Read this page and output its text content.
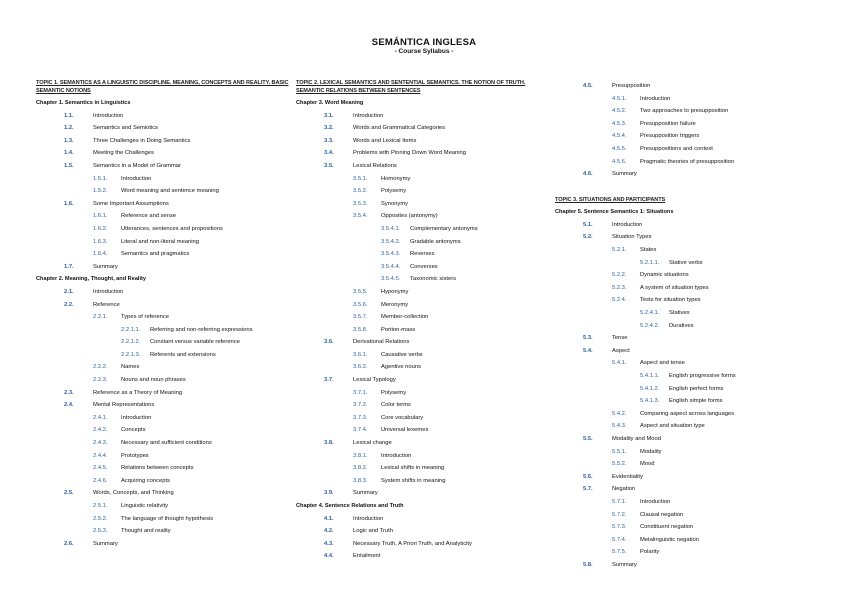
SEMÁNTICA INGLESA
- Course Syllabus -
TOPIC 1. SEMANTICS AS A LINGUISTIC DISCIPLINE. MEANING, CONCEPTS AND REALITY. BASIC SEMANTIC NOTIONS
Chapter 1. Semantics in Linguistics
1.1.	Introduction
1.2.	Semantics and Semiotics
1.3.	Three Challenges in Doing Semantics
1.4.	Meeting the Challenges
1.5.	Semantics in a Model of Grammar
1.5.1.	Introduction
1.5.2.	Word meaning and sentence meaning
1.6.	Some Important Assumptions
1.6.1.	Reference and sense
1.6.2.	Utterances, sentences and propositions
1.6.3.	Literal and non-literal meaning
1.6.4.	Semantics and pragmatics
1.7.	Summary
Chapter 2. Meaning, Thought, and Reality
2.1.	Introduction
2.2.	Reference
2.2.1.	Types of reference
2.2.1.1.	Referring and non-referring expressions
2.2.1.2.	Constant versus variable reference
2.2.1.3.	Referents and extensions
2.2.2.	Names
2.2.3.	Nouns and noun phrases
2.3.	Reference as a Theory of Meaning
2.4.	Mental Representations
2.4.1.	Introduction
2.4.2.	Concepts
2.4.3.	Necessary and sufficient conditions
2.4.4.	Prototypes
2.4.5.	Relations between concepts
2.4.6.	Acquiring concepts
2.5.	Words, Concepts, and Thinking
2.5.1.	Linguistic relativity
2.5.2.	The language of thought hypothesis
2.5.3.	Thought and reality
2.6.	Summary
TOPIC 2. LEXICAL SEMANTICS AND SENTENTIAL SEMANTICS. THE NOTION OF TRUTH. SEMANTIC RELATIONS BETWEEN SENTENCES
Chapter 3. Word Meaning
3.1.	Introduction
3.2.	Words and Grammatical Categories
3.3.	Words and Lexical Items
3.4.	Problems with Pinning Down Word Meaning
3.5.	Lexical Relations
3.5.1.	Homonymy
3.5.2.	Polysemy
3.5.3.	Synonymy
3.5.4.	Opposites (antonymy)
3.5.4.1.	Complementary antonyms
3.5.4.2.	Gradable antonyms
3.5.4.3.	Reverses
3.5.4.4.	Converses
3.5.4.5.	Taxonomic sisters
3.5.5.	Hyponymy
3.5.6.	Meronymy
3.5.7.	Member-collection
3.5.8.	Portion-mass
3.6.	Derivational Relations
3.6.1.	Causative verbs
3.6.2.	Agentive nouns
3.7.	Lexical Typology
3.7.1.	Polysemy
3.7.2.	Color terms
3.7.3.	Core vocabulary
3.7.4.	Universal lexemes
3.8.	Lexical change
3.8.1.	Introduction
3.8.2.	Lexical shifts in meaning
3.8.3.	System shifts in meaning
3.9.	Summary
Chapter 4. Sentence Relations and Truth
4.1.	Introduction
4.2.	Logic and Truth
4.3.	Necessary Truth, A Priori Truth, and Analyticity
4.4.	Entailment
4.5.	Presupposition
4.5.1.	Introduction
4.5.2.	Two approaches to presupposition
4.5.3.	Presupposition failure
4.5.4.	Presupposition triggers
4.5.5.	Presuppositions and context
4.5.6.	Pragmatic theories of presupposition
4.6.	Summary
TOPIC 3. SITUATIONS AND PARTICIPANTS
Chapter 5. Sentence Semantics 1: Situations
5.1.	Introduction
5.2.	Situation Types
5.2.1.	States
5.2.1.1.	Stative verbs
5.2.2.	Dynamic situations
5.2.3.	A system of situation types
5.2.4.	Tests for situation types
5.2.4.1.	Statives
5.2.4.2.	Duratives
5.3.	Tense
5.4.	Aspect
5.4.1.	Aspect and tense
5.4.1.1.	English progressive forms
5.4.1.2.	English perfect forms
5.4.1.3.	English simple forms
5.4.2.	Comparing aspect across languages
5.4.3.	Aspect and situation type
5.5.	Modality and Mood
5.5.1.	Modality
5.5.2.	Mood
5.6.	Evidentiality
5.7.	Negation
5.7.1.	Introduction
5.7.2.	Clausal negation
5.7.3.	Constituent negation
5.7.4.	Metalinguistic negation
5.7.5.	Polarity
5.8.	Summary
